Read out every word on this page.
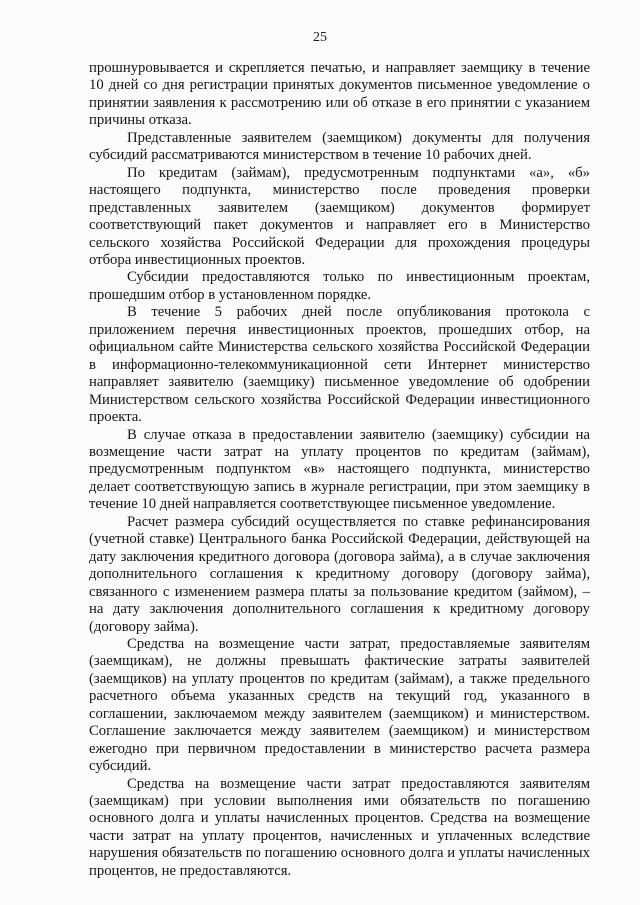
25

прошнуровывается и скрепляется печатью, и направляет заемщику в течение 10 дней со дня регистрации принятых документов письменное уведомление о принятии заявления к рассмотрению или об отказе в его принятии с указанием причины отказа.

Представленные заявителем (заемщиком) документы для получения субсидий рассматриваются министерством в течение 10 рабочих дней.

По кредитам (займам), предусмотренным подпунктами «а», «б» настоящего подпункта, министерство после проведения проверки представленных заявителем (заемщиком) документов формирует соответствующий пакет документов и направляет его в Министерство сельского хозяйства Российской Федерации для прохождения процедуры отбора инвестиционных проектов.

Субсидии предоставляются только по инвестиционным проектам, прошедшим отбор в установленном порядке.

В течение 5 рабочих дней после опубликования протокола с приложением перечня инвестиционных проектов, прошедших отбор, на официальном сайте Министерства сельского хозяйства Российской Федерации в информационно-телекоммуникационной сети Интернет министерство направляет заявителю (заемщику) письменное уведомление об одобрении Министерством сельского хозяйства Российской Федерации инвестиционного проекта.

В случае отказа в предоставлении заявителю (заемщику) субсидии на возмещение части затрат на уплату процентов по кредитам (займам), предусмотренным подпунктом «в» настоящего подпункта, министерство делает соответствующую запись в журнале регистрации, при этом заемщику в течение 10 дней направляется соответствующее письменное уведомление.

Расчет размера субсидий осуществляется по ставке рефинансирования (учетной ставке) Центрального банка Российской Федерации, действующей на дату заключения кредитного договора (договора займа), а в случае заключения дополнительного соглашения к кредитному договору (договору займа), связанного с изменением размера платы за пользование кредитом (займом), – на дату заключения дополнительного соглашения к кредитному договору (договору займа).

Средства на возмещение части затрат, предоставляемые заявителям (заемщикам), не должны превышать фактические затраты заявителей (заемщиков) на уплату процентов по кредитам (займам), а также предельного расчетного объема указанных средств на текущий год, указанного в соглашении, заключаемом между заявителем (заемщиком) и министерством. Соглашение заключается между заявителем (заемщиком) и министерством ежегодно при первичном предоставлении в министерство расчета размера субсидий.

Средства на возмещение части затрат предоставляются заявителям (заемщикам) при условии выполнения ими обязательств по погашению основного долга и уплаты начисленных процентов. Средства на возмещение части затрат на уплату процентов, начисленных и уплаченных вследствие нарушения обязательств по погашению основного долга и уплаты начисленных процентов, не предоставляются.
